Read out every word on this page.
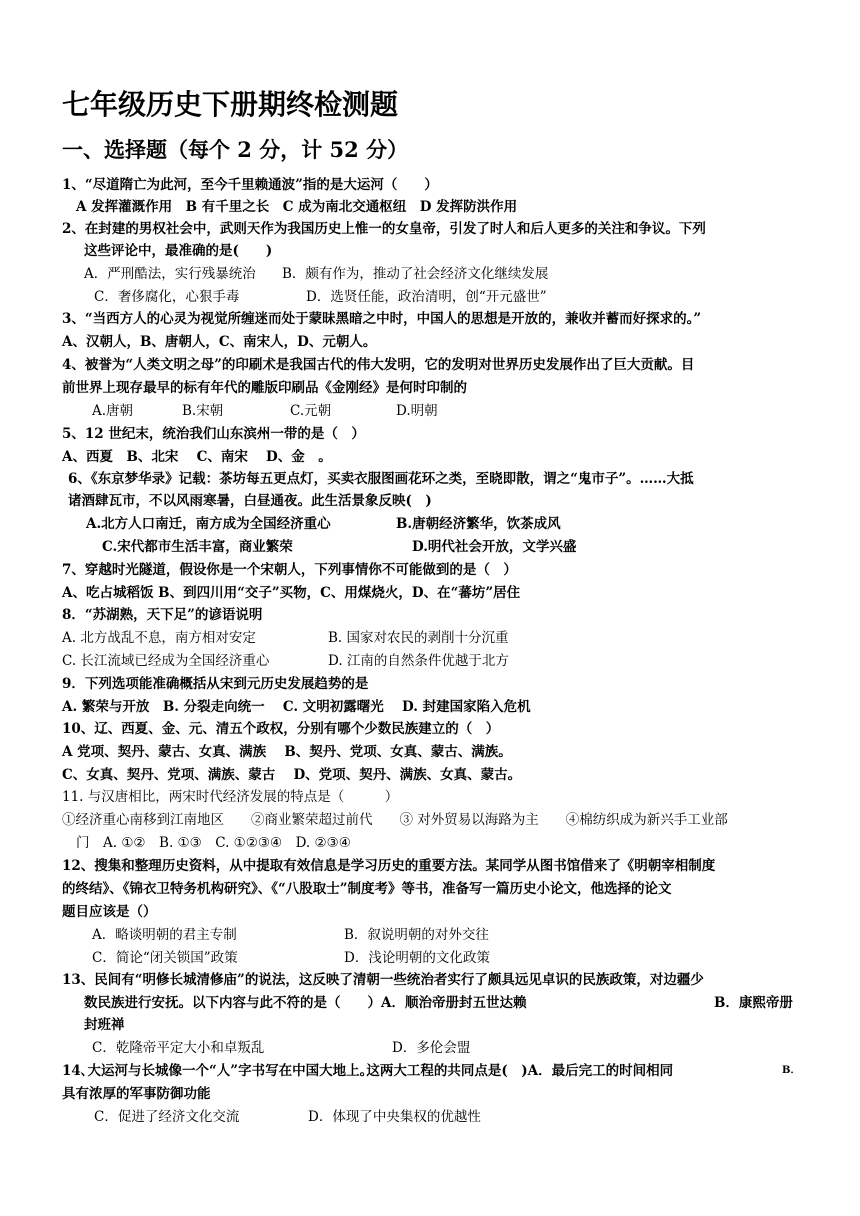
七年级历史下册期终检测题
一、选择题（每个 2 分，计 52 分）
1、“尽道隋亡为此河，至今千里赖通波”指的是大运河（　　）
A 发挥灌溉作用　B 有千里之长　C 成为南北交通枢纽　D 发挥防洪作用
2、在封建的男权社会中，武则天作为我国历史上惟一的女皇帝，引发了时人和后人更多的关注和争议。下列
这些评论中，最准确的是(　　)
A．严刑酷法，实行残暴统治 B．颇有作为，推动了社会经济文化继续发展
C．奢侈腐化，心狠手毒	D．选贤任能，政治清明，创“开元盛世”
3、“当西方人的心灵为视觉所缠迷而处于蒙昧黑暗之中时，中国人的思想是开放的，兼收并蓄而好探求的。”
A、汉朝人，B、唐朝人，C、南宋人，D、元朝人。
4、被誉为“人类文明之母”的印刷术是我国古代的伟大发明，它的发明对世界历史发展作出了巨大贡献。目
前世界上现存最早的标有年代的雕版印刷品《金刚经》是何时印制的
A.唐朝	B.宋朝	C.元朝	D.明朝
5、12 世纪末，统治我们山东滨州一带的是（　）
A、西夏　B、北宋　 C、南宋　 D、金　。
6、《东京梦华录》记载：茶坊每五更点灯，买卖衣服图画花环之类，至晓即散，谓之“鬼市子”。……大抵
诸酒肆瓦市，不以风雨寒暑，白昼通夜。此生活景象反映(　)
A.北方人口南迁，南方成为全国经济重心	B.唐朝经济繁华，饮茶成风
C.宋代都市生活丰富，商业繁荣	D.明代社会开放，文学兴盛
7、穿越时光隧道，假设你是一个宋朝人，下列事情你不可能做到的是（　）
A、吃占城稻饭 B、到四川用“交子”买物，C、用煤烧火，D、在“蕃坊”居住
8．“苏湖熟，天下足”的谚语说明
A. 北方战乱不息，南方相对安定	B. 国家对农民的剥削十分沉重
C. 长江流域已经成为全国经济重心	D. 江南的自然条件优越于北方
9．下列选项能准确概括从宋到元历史发展趋势的是
A. 繁荣与开放　B. 分裂走向统一　 C. 文明初露曙光　 D. 封建国家陷入危机
10、辽、西夏、金、元、清五个政权，分别有哪个少数民族建立的（　）
A 党项、契丹、蒙古、女真、满族　 B、契丹、党项、女真、蒙古、满族。
C、女真、契丹、党项、满族、蒙古　 D、党项、契丹、满族、女真、蒙古。
11. 与汉唐相比，两宋时代经济发展的特点是（　　　）
①经济重心南移到江南地区　　②商业繁荣超过前代　　③ 对外贸易以海路为主　　④棉纺织成为新兴手工业部
门　A. ①②　B. ①③　C. ①②③④　D. ②③④
12、搜集和整理历史资料，从中提取有效信息是学习历史的重要方法。某同学从图书馆借来了《明朝宰相制度
的终结》、《锦衣卫特务机构研究》、《“八股取士”制度考》等书，准备写一篇历史小论文，他选择的论文
题目应该是（）
A．略谈明朝的君主专制	B．叙说明朝的对外交往
C．简论“闭关锁国”政策	D．浅论明朝的文化政策
13、民间有“明修长城清修庙”的说法，这反映了清朝一些统治者实行了颇具远见卓识的民族政策，对边疆少
数民族进行安抚。以下内容与此不符的是（　　）A．顺治帝册封五世达赖	B．康熙帝册
封班禅
C．乾隆帝平定大小和卓叛乱	D．多伦会盟
14､大运河与长城像一个“人”字书写在中国大地上｡这两大工程的共同点是(　)A．最后完工的时间相同	B．
具有浓厚的军事防御功能
C．促进了经济文化交流	D．体现了中央集权的优越性
